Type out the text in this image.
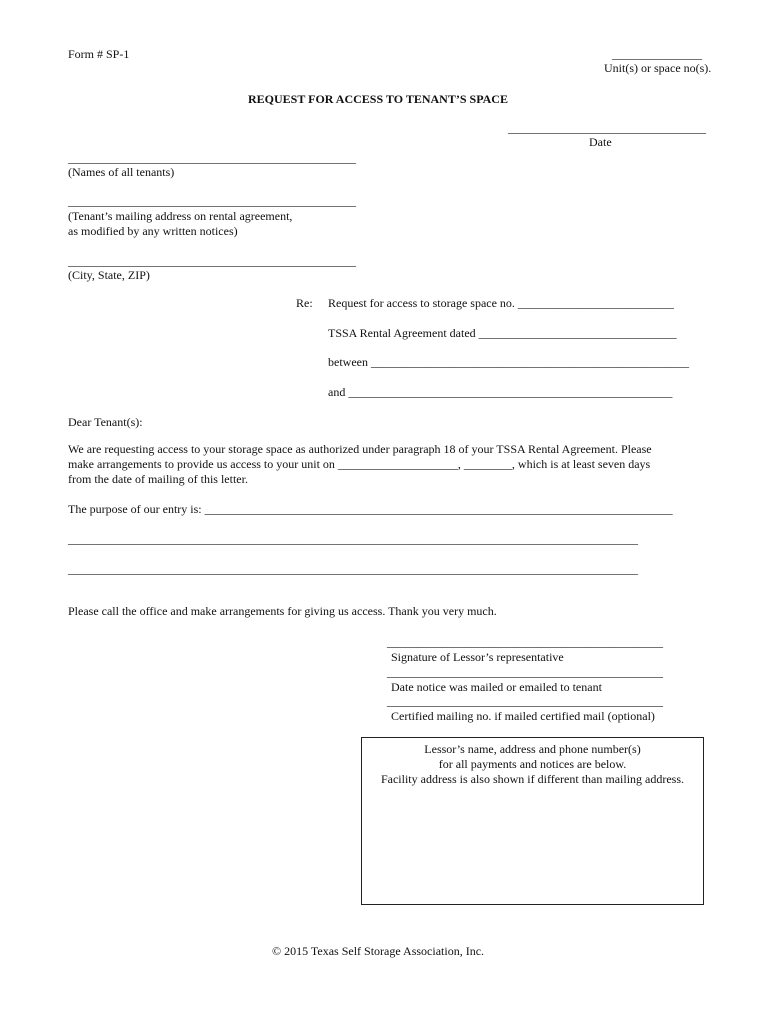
Form # SP-1	_______________
Unit(s) or space no(s).
REQUEST FOR ACCESS TO TENANT’S SPACE
_________________________________
Date
________________________________________________
(Names of all tenants)
________________________________________________
(Tenant’s mailing address on rental agreement,
as modified by any written notices)
________________________________________________
(City, State, ZIP)
Re: Request for access to storage space no. __________________________
TSSA Rental Agreement dated _________________________________
between _____________________________________________________
and ______________________________________________________
Dear Tenant(s):
We are requesting access to your storage space as authorized under paragraph 18 of your TSSA Rental Agreement. Please
make arrangements to provide us access to your unit on ____________________, ________, which is at least seven days
from the date of mailing of this letter.
The purpose of our entry is: ______________________________________________________________________________
_______________________________________________________________________________________________
_______________________________________________________________________________________________
Please call the office and make arrangements for giving us access. Thank you very much.
______________________________________________
Signature of Lessor’s representative
______________________________________________
Date notice was mailed or emailed to tenant
______________________________________________
Certified mailing no. if mailed certified mail (optional)
Lessor’s name, address and phone number(s)
for all payments and notices are below.
Facility address is also shown if different than mailing address.
© 2015 Texas Self Storage Association, Inc.
